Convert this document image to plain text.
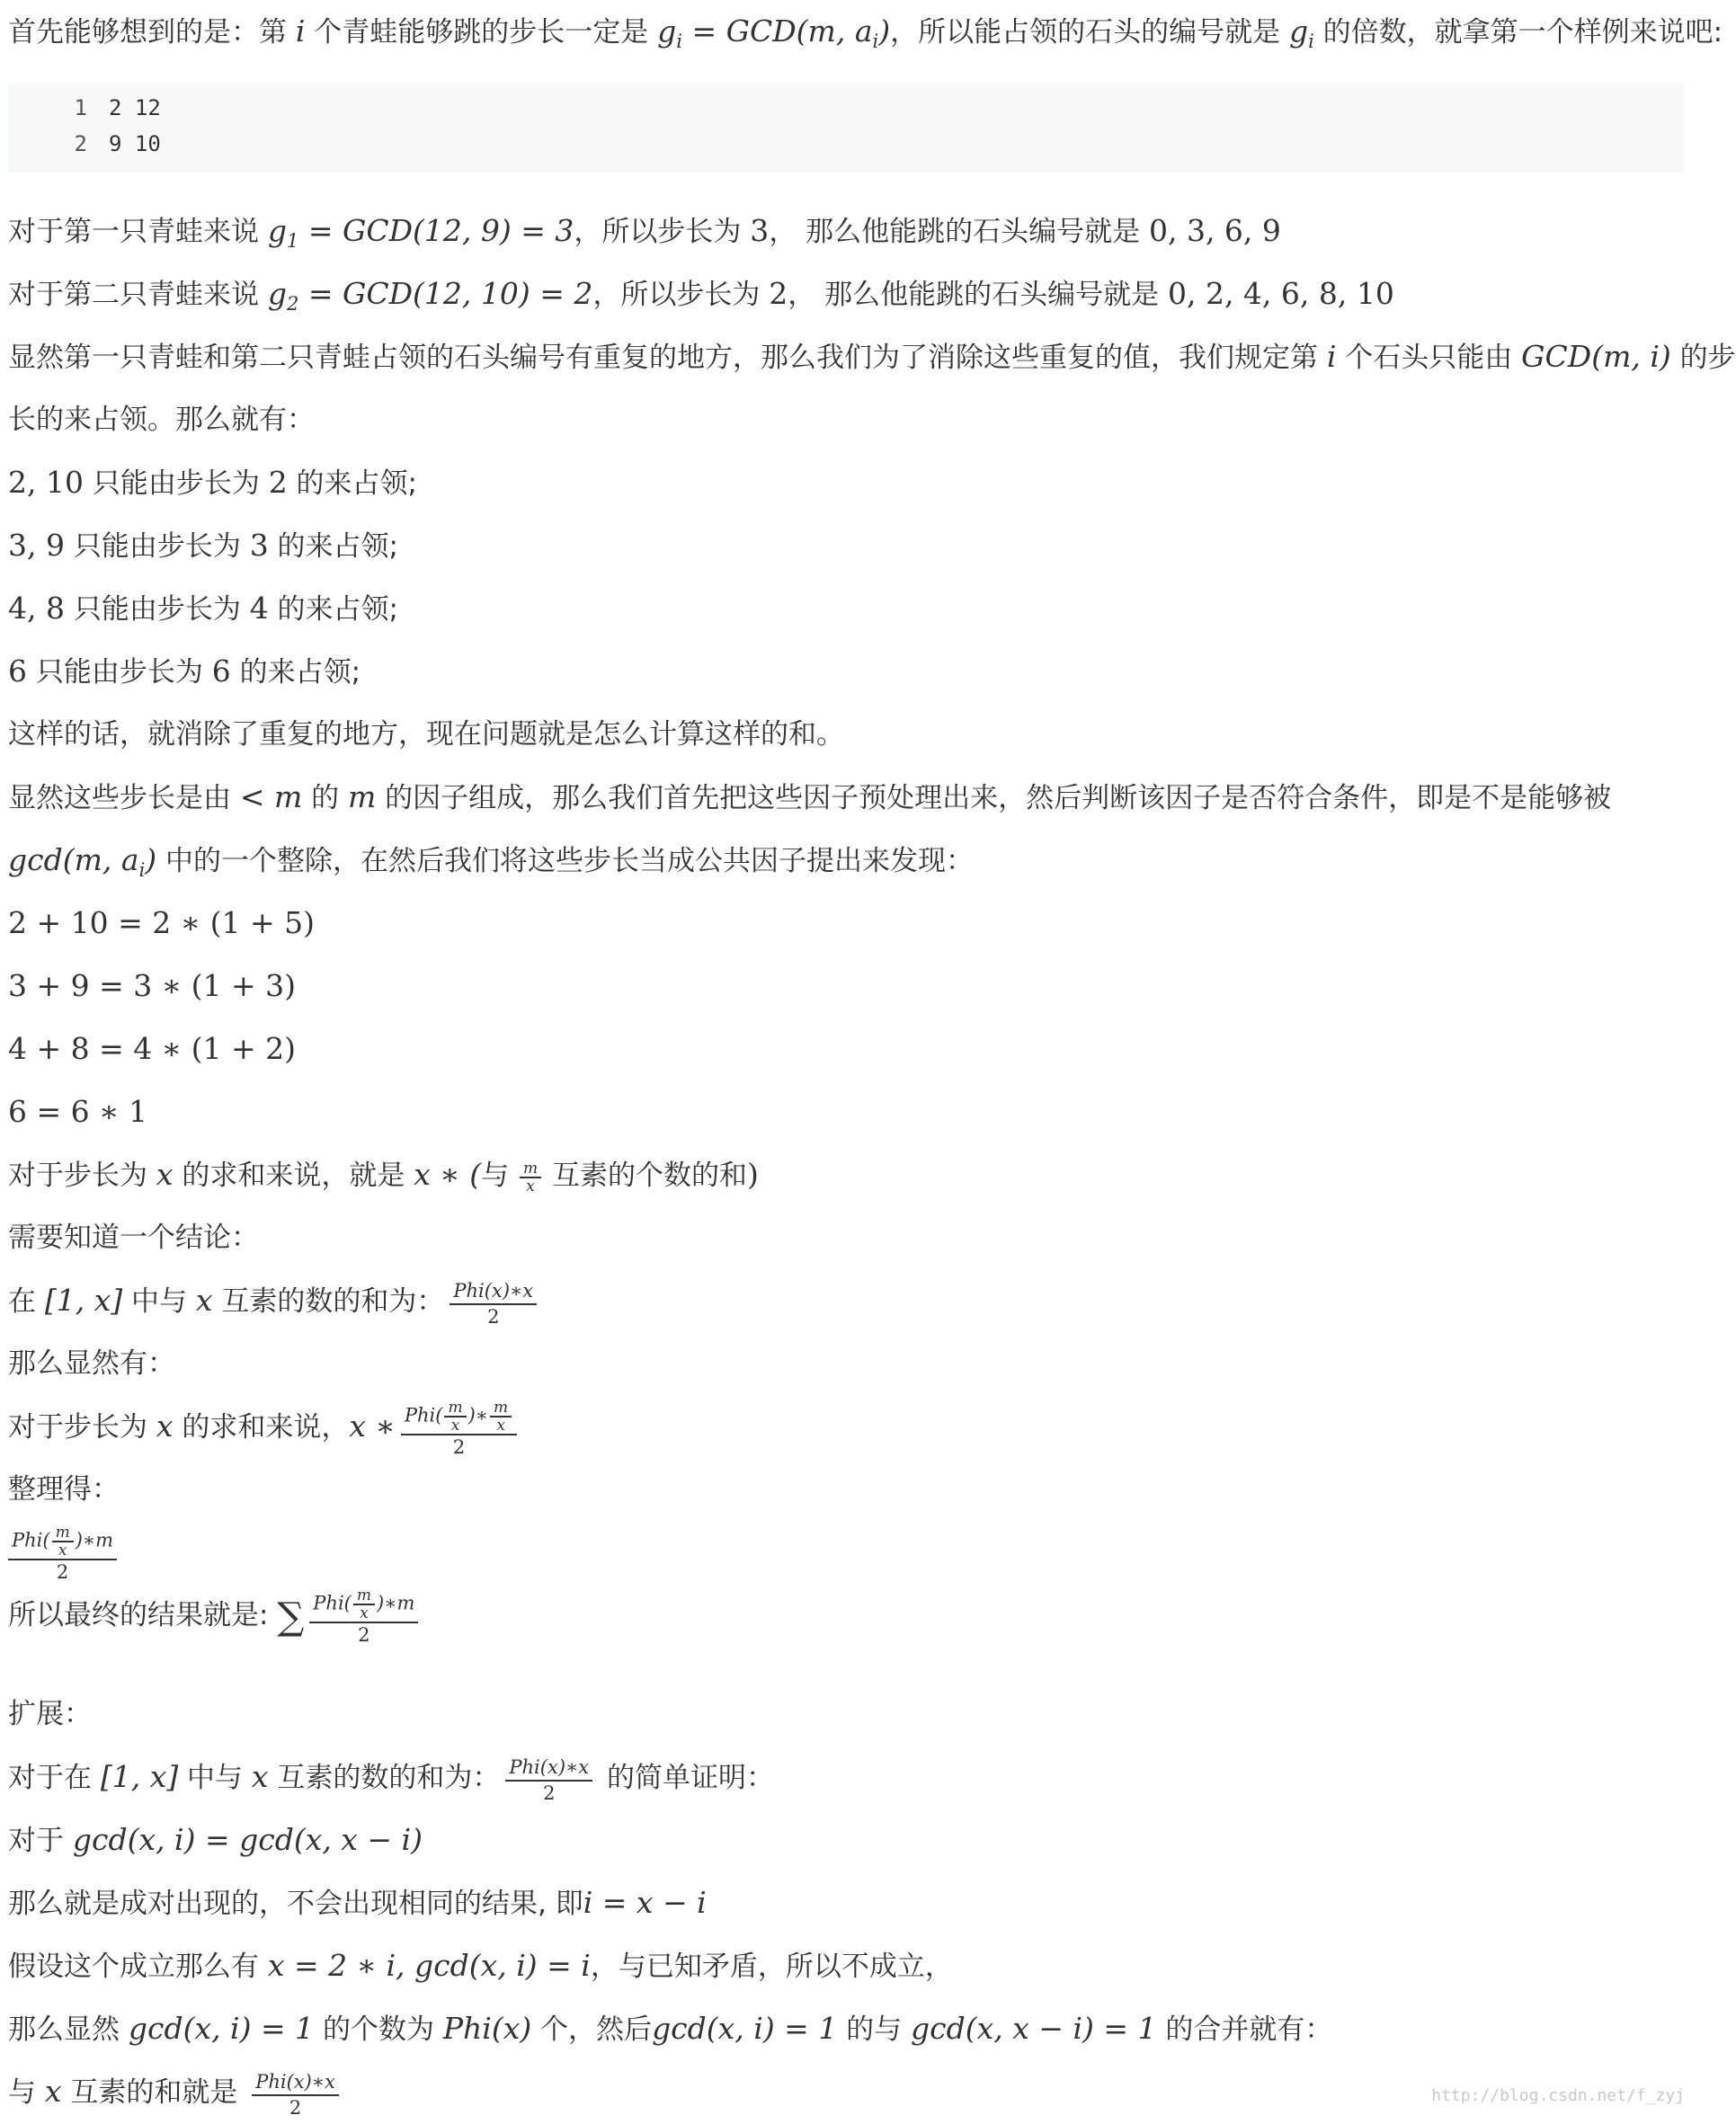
首先能够想到的是：第 i 个青蛙能够跳的步长一定是 $g_i = GCD(m$, $a_i$)，所以能占领的石头的编号就是 $g_i$ 的倍数，就拿第一个样例来说吧:
1	2 12
2	9 10
对于第一只青蛙来说 $g_1 = GCD(12$, 9) = 3，所以步长为 3， 那么他能跳的石头编号就是 0, 3, 6, 9
对于第二只青蛙来说 $g_2 = GCD(12$, 10) = 2，所以步长为 2， 那么他能跳的石头编号就是 0, 2, 4, 6, 8, 10
显然第一只青蛙和第二只青蛙占领的石头编号有重复的地方，那么我们为了消除这些重复的值，我们规定第 i 个石头只能由 GCD(m, i) 的步
长的来占领。那么就有：
2, 10 只能由步长为 2 的来占领;
3, 9 只能由步长为 3 的来占领;
4, 8 只能由步长为 4 的来占领;
6 只能由步长为 6 的来占领;
这样的话，就消除了重复的地方，现在问题就是怎么计算这样的和。
显然这些步长是由 < m 的 m 的因子组成，那么我们首先把这些因子预处理出来，然后判断该因子是否符合条件，即是不是能够被
gcd(m, $a_i$) 中的一个整除，在然后我们将这些步长当成公共因子提出来发现：
2 + 10 = 2 ∗ (1 + 5)
3 + 9 = 3 ∗ (1 + 3)
4 + 8 = 4 ∗ (1 + 2)
6 = 6 ∗ 1
对于步长为 x 的求和来说，就是 x ∗ (与 $\frac{m}{x}$ 互素的个数的和)
需要知道一个结论：
在 [1, x] 中与 x 互素的数的和为： $\frac{\text{Phi(x)∗x}}{2}$
那么显然有：
对于步长为 x 的求和来说，x ∗ $\frac{Phi( \frac{m}{x} )∗ \frac{m}{x}}{2}$
整理得：
$\frac{Phi( \frac{m}{x} )∗m}{2}$
所以最终的结果就是: ∑ $\frac{Phi( \frac{m}{x} )∗m}{2}$
扩展：
对于在 [1, x] 中与 x 互素的数的和为： $\frac{\text{Phi(x)∗x}}{2}$ 的简单证明：
对于 gcd(x, i) = gcd(x, x − i)
那么就是成对出现的，不会出现相同的结果, 即i = x − i
假设这个成立那么有 x = 2 ∗ i, gcd(x, i) = i，与已知矛盾，所以不成立，
那么显然 gcd(x, i) = 1 的个数为 Phi(x) 个，然后gcd(x, i) = 1 的与 gcd(x, x − i) = 1 的合并就有：
与 x 互素的和就是 $\frac{\text{Phi(x)∗x}}{2}$	http://blog.csdn.net/f_zyj
